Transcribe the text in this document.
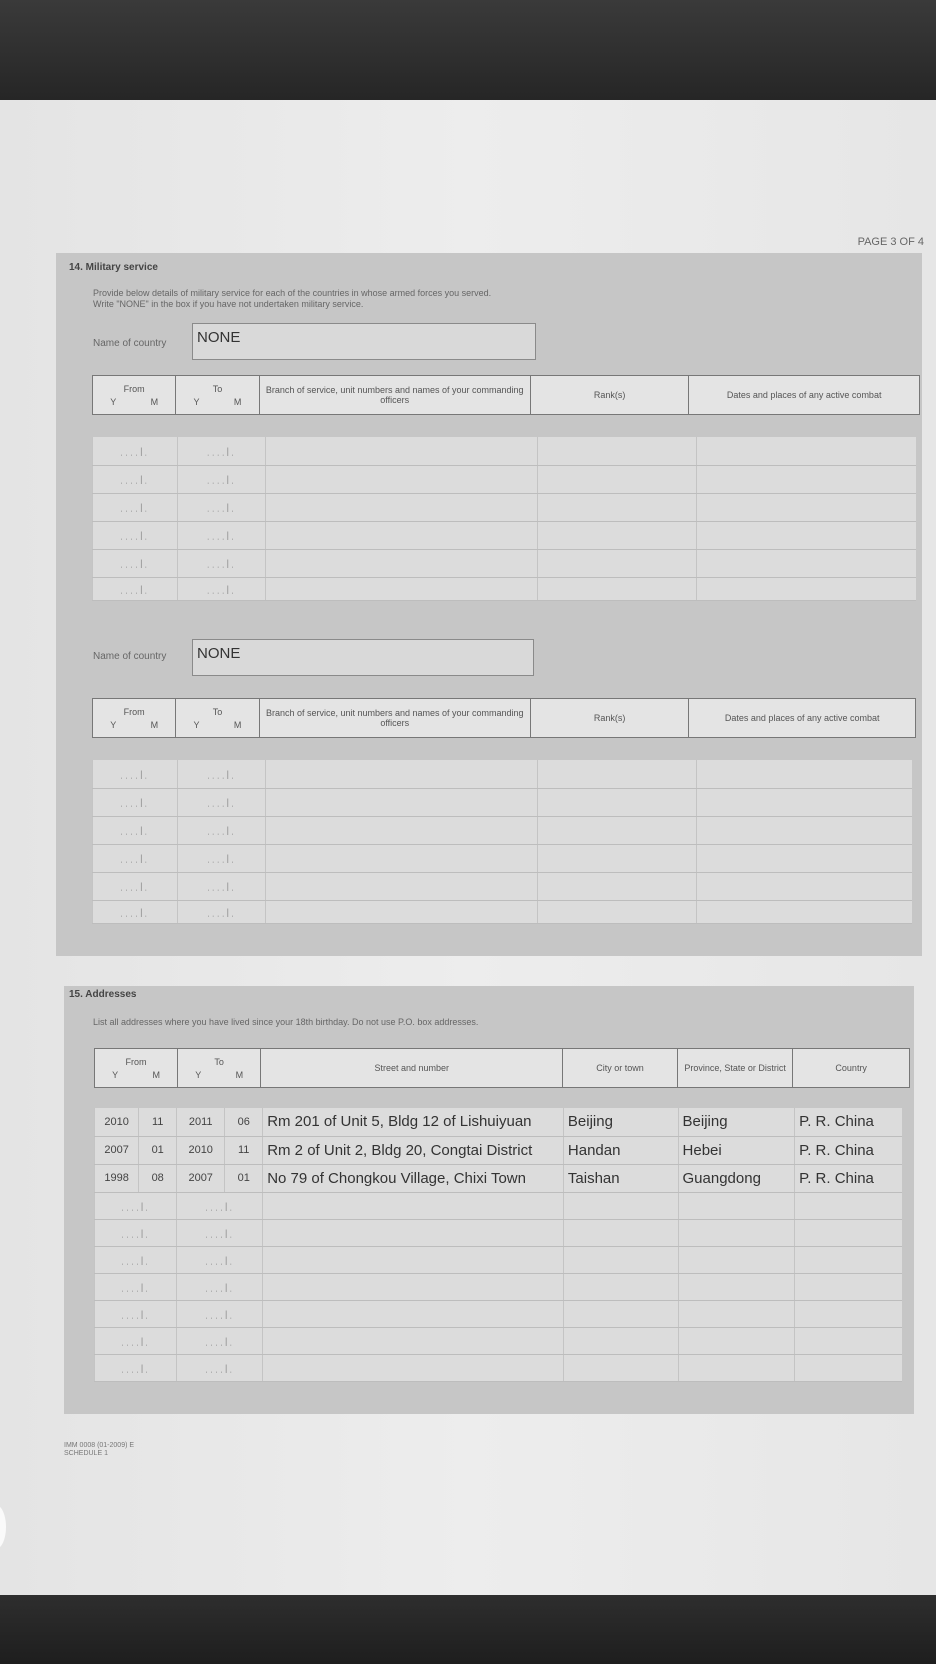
PAGE 3 OF 4
14. Military service
Provide below details of military service for each of the countries in whose armed forces you served.
Write "NONE" in the box if you have not undertaken military service.
Name of country	NONE
From
Y	M

To
Y	M
	Branch of service, unit numbers and names of your commanding officers	Rank(s)	Dates and places of any active combat
ˌˌˌˌ|ˌ	ˌˌˌˌ|ˌ			
ˌˌˌˌ|ˌ	ˌˌˌˌ|ˌ			
ˌˌˌˌ|ˌ	ˌˌˌˌ|ˌ			
ˌˌˌˌ|ˌ	ˌˌˌˌ|ˌ			
ˌˌˌˌ|ˌ	ˌˌˌˌ|ˌ			
ˌˌˌˌ|ˌ	ˌˌˌˌ|ˌ			
Name of country	NONE
From
Y	M

To
Y	M
	Branch of service, unit numbers and names of your commanding officers	Rank(s)	Dates and places of any active combat
ˌˌˌˌ|ˌ	ˌˌˌˌ|ˌ			
ˌˌˌˌ|ˌ	ˌˌˌˌ|ˌ			
ˌˌˌˌ|ˌ	ˌˌˌˌ|ˌ			
ˌˌˌˌ|ˌ	ˌˌˌˌ|ˌ			
ˌˌˌˌ|ˌ	ˌˌˌˌ|ˌ			
ˌˌˌˌ|ˌ	ˌˌˌˌ|ˌ			
15. Addresses
List all addresses where you have lived since your 18th birthday. Do not use P.O. box addresses.
From
Y	M

To
Y	M
	Street and number	City or town	Province, State or District	Country
2010	11	2011	06	Rm 201 of Unit 5, Bldg 12 of Lishuiyuan	Beijing	Beijing	P. R. China
2007	01	2010	11	Rm 2 of Unit 2, Bldg 20, Congtai District	Handan	Hebei	P. R. China
1998	08	2007	01	No 79 of Chongkou Village, Chixi Town	Taishan	Guangdong	P. R. China
ˌˌˌˌ|ˌ		ˌˌˌˌ|ˌ					
ˌˌˌˌ|ˌ		ˌˌˌˌ|ˌ					
ˌˌˌˌ|ˌ		ˌˌˌˌ|ˌ					
ˌˌˌˌ|ˌ		ˌˌˌˌ|ˌ					
ˌˌˌˌ|ˌ		ˌˌˌˌ|ˌ					
ˌˌˌˌ|ˌ		ˌˌˌˌ|ˌ					
ˌˌˌˌ|ˌ		ˌˌˌˌ|ˌ					
IMM 0008 (01-2009) E
SCHEDULE 1
